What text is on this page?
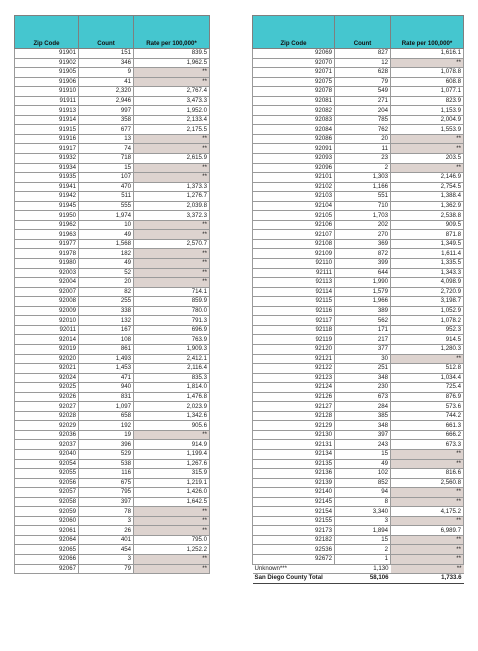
Zip Code	Count	Rate per 100,000*
91901	151	839.5
91902	346	1,962.5
91905	9	**
91906	41	**
91910	2,320	2,767.4
91911	2,946	3,473.3
91913	997	1,952.0
91914	358	2,133.4
91915	677	2,175.5
91916	13	**
91917	74	**
91932	718	2,615.9
91934	15	**
91935	107	**
91941	470	1,373.3
91942	511	1,276.7
91945	555	2,039.8
91950	1,974	3,372.3
91962	10	**
91963	49	**
91977	1,568	2,570.7
91978	182	**
91980	49	**
92003	52	**
92004	20	**
92007	82	714.1
92008	255	859.9
92009	338	780.0
92010	132	791.3
92011	167	696.9
92014	108	763.9
92019	861	1,909.3
92020	1,493	2,412.1
92021	1,453	2,116.4
92024	471	835.3
92025	940	1,814.0
92026	831	1,476.8
92027	1,097	2,023.9
92028	658	1,342.6
92029	192	905.6
92036	19	**
92037	396	914.9
92040	529	1,199.4
92054	538	1,267.6
92055	116	315.9
92056	675	1,219.1
92057	795	1,426.0
92058	397	1,642.5
92059	78	**
92060	3	**
92061	26	**
92064	401	795.0
92065	454	1,252.2
92066	3	**
92067	79	**
Zip Code	Count	Rate per 100,000*
92069	827	1,616.1
92070	12	**
92071	628	1,078.8
92075	79	608.8
92078	549	1,077.1
92081	271	823.9
92082	204	1,153.9
92083	785	2,004.9
92084	762	1,553.9
92086	20	**
92091	11	**
92093	23	203.5
92096	2	**
92101	1,303	2,146.9
92102	1,166	2,754.5
92103	551	1,388.4
92104	710	1,362.9
92105	1,703	2,538.8
92106	202	909.5
92107	270	871.8
92108	369	1,349.5
92109	872	1,611.4
92110	399	1,335.5
92111	644	1,343.3
92113	1,990	4,098.9
92114	1,579	2,720.9
92115	1,966	3,198.7
92116	389	1,052.9
92117	562	1,078.2
92118	171	952.3
92119	217	914.5
92120	377	1,280.3
92121	30	**
92122	251	512.8
92123	348	1,034.4
92124	230	725.4
92126	673	876.9
92127	284	573.6
92128	385	744.2
92129	348	661.3
92130	397	666.2
92131	243	673.3
92134	15	**
92135	49	**
92136	102	816.6
92139	852	2,560.8
92140	94	**
92145	8	**
92154	3,340	4,175.2
92155	3	**
92173	1,894	6,989.7
92182	15	**
92536	2	**
92672	1	**
Unknown***	1,130	**
San Diego County Total	58,106	1,733.6
